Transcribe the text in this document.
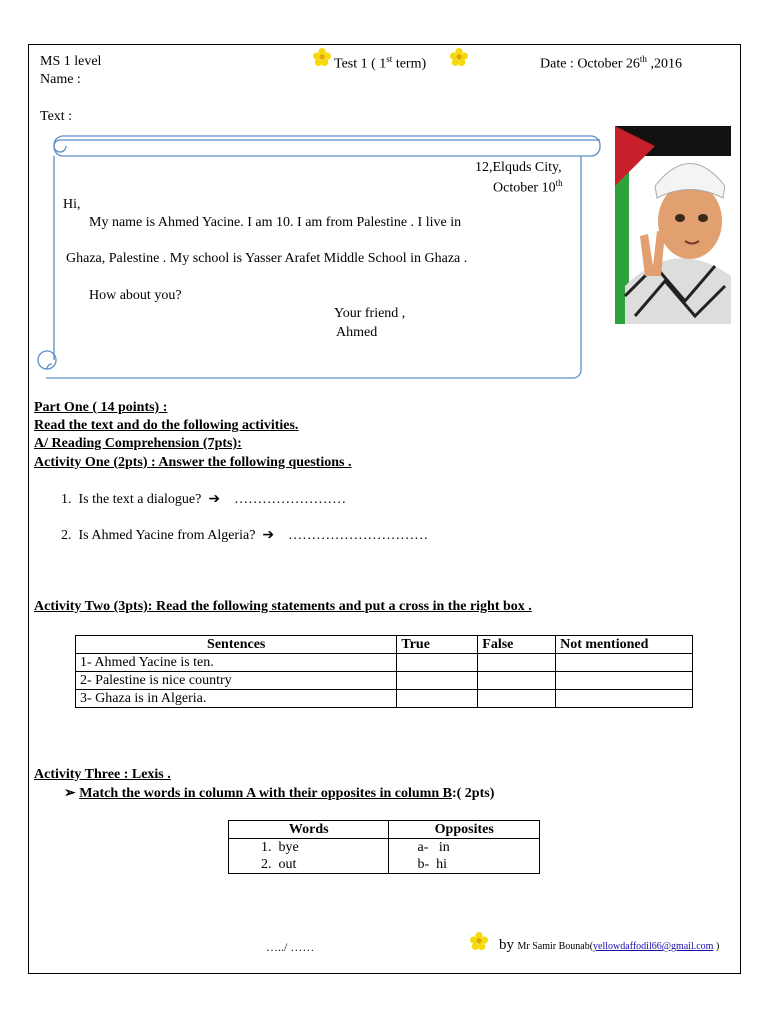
MS 1 level
Name :
Test 1 ( 1st term)	Date : October 26th ,2016
Text :
12,Elquds City,
October 10th
Hi,
My name is Ahmed Yacine. I am 10. I am from Palestine . I live in
Ghaza, Palestine . My school is Yasser Arafet Middle School in Ghaza .
How about you?
Your friend ,
Ahmed
Part One ( 14 points) :
Read the text and do the following activities.
A/ Reading Comprehension (7pts):
Activity One (2pts) : Answer the following questions .
1. Is the text a dialogue? ➔ ……………………
2. Is Ahmed Yacine from Algeria? ➔ …………………………
Activity Two (3pts): Read the following statements and put a cross in the right box .
Sentences	True	False	Not mentioned
1- Ahmed Yacine is ten.			
2- Palestine is nice country			
3- Ghaza is in Algeria.			
Activity Three : Lexis .
➢ Match the words in column A with their opposites in column B:( 2pts)
Words	Opposites
1. bye	a- in
2. out	b- hi
…../ ……	by Mr Samir Bounab(yellowdaffodil66@gmail.com )
